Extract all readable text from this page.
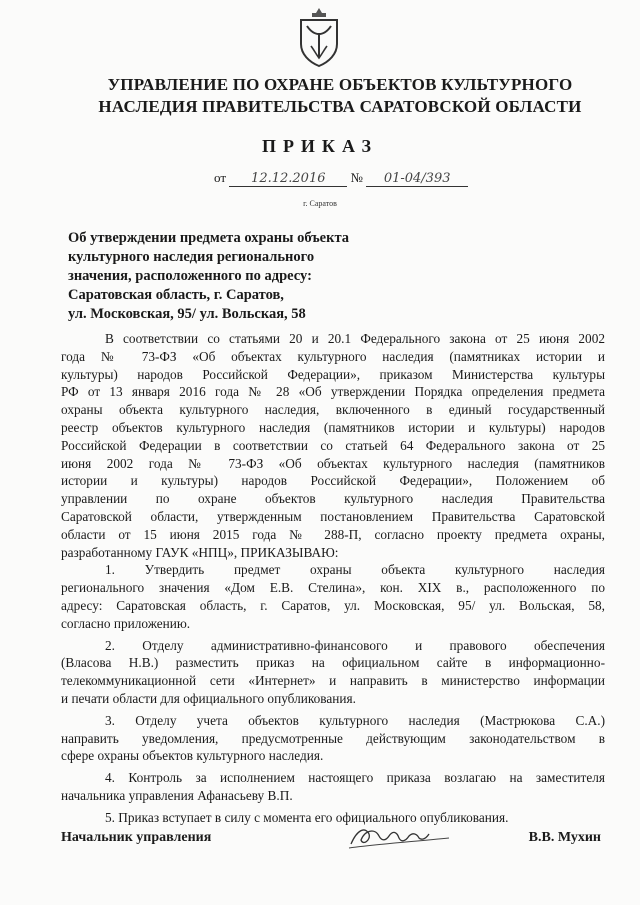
УПРАВЛЕНИЕ ПО ОХРАНЕ ОБЪЕКТОВ КУЛЬТУРНОГО
НАСЛЕДИЯ ПРАВИТЕЛЬСТВА САРАТОВСКОЙ ОБЛАСТИ
ПРИКАЗ
от 12.12.2016 № 01-04/393
г. Саратов
Об утверждении предмета охраны объекта
культурного наследия регионального
значения, расположенного по адресу:
Саратовская область, г. Саратов,
ул. Московская, 95/ ул. Вольская, 58
В соответствии со статьями 20 и 20.1 Федерального закона от 25 июня 2002
года № 73-ФЗ «Об объектах культурного наследия (памятниках истории и
культуры) народов Российской Федерации», приказом Министерства культуры
РФ от 13 января 2016 года № 28 «Об утверждении Порядка определения предмета
охраны объекта культурного наследия, включенного в единый государственный
реестр объектов культурного наследия (памятников истории и культуры) народов
Российской Федерации в соответствии со статьей 64 Федерального закона от 25
июня 2002 года № 73-ФЗ «Об объектах культурного наследия (памятников
истории и культуры) народов Российской Федерации», Положением об
управлении по охране объектов культурного наследия Правительства
Саратовской области, утвержденным постановлением Правительства Саратовской
области от 15 июня 2015 года № 288-П, согласно проекту предмета охраны,
разработанному ГАУК «НПЦ», ПРИКАЗЫВАЮ:
1. Утвердить предмет охраны объекта культурного наследия
регионального значения «Дом Е.В. Стелина», кон. XIX в., расположенного по
адресу: Саратовская область, г. Саратов, ул. Московская, 95/ ул. Вольская, 58,
согласно приложению.
2. Отделу административно-финансового и правового обеспечения
(Власова Н.В.) разместить приказ на официальном сайте в информационно-
телекоммуникационной сети «Интернет» и направить в министерство информации
и печати области для официального опубликования.
3. Отделу учета объектов культурного наследия (Мастрюкова С.А.)
направить уведомления, предусмотренные действующим законодательством в
сфере охраны объектов культурного наследия.
4. Контроль за исполнением настоящего приказа возлагаю на заместителя
начальника управления Афанасьеву В.П.
5. Приказ вступает в силу с момента его официального опубликования.
Начальник управления	В.В. Мухин
